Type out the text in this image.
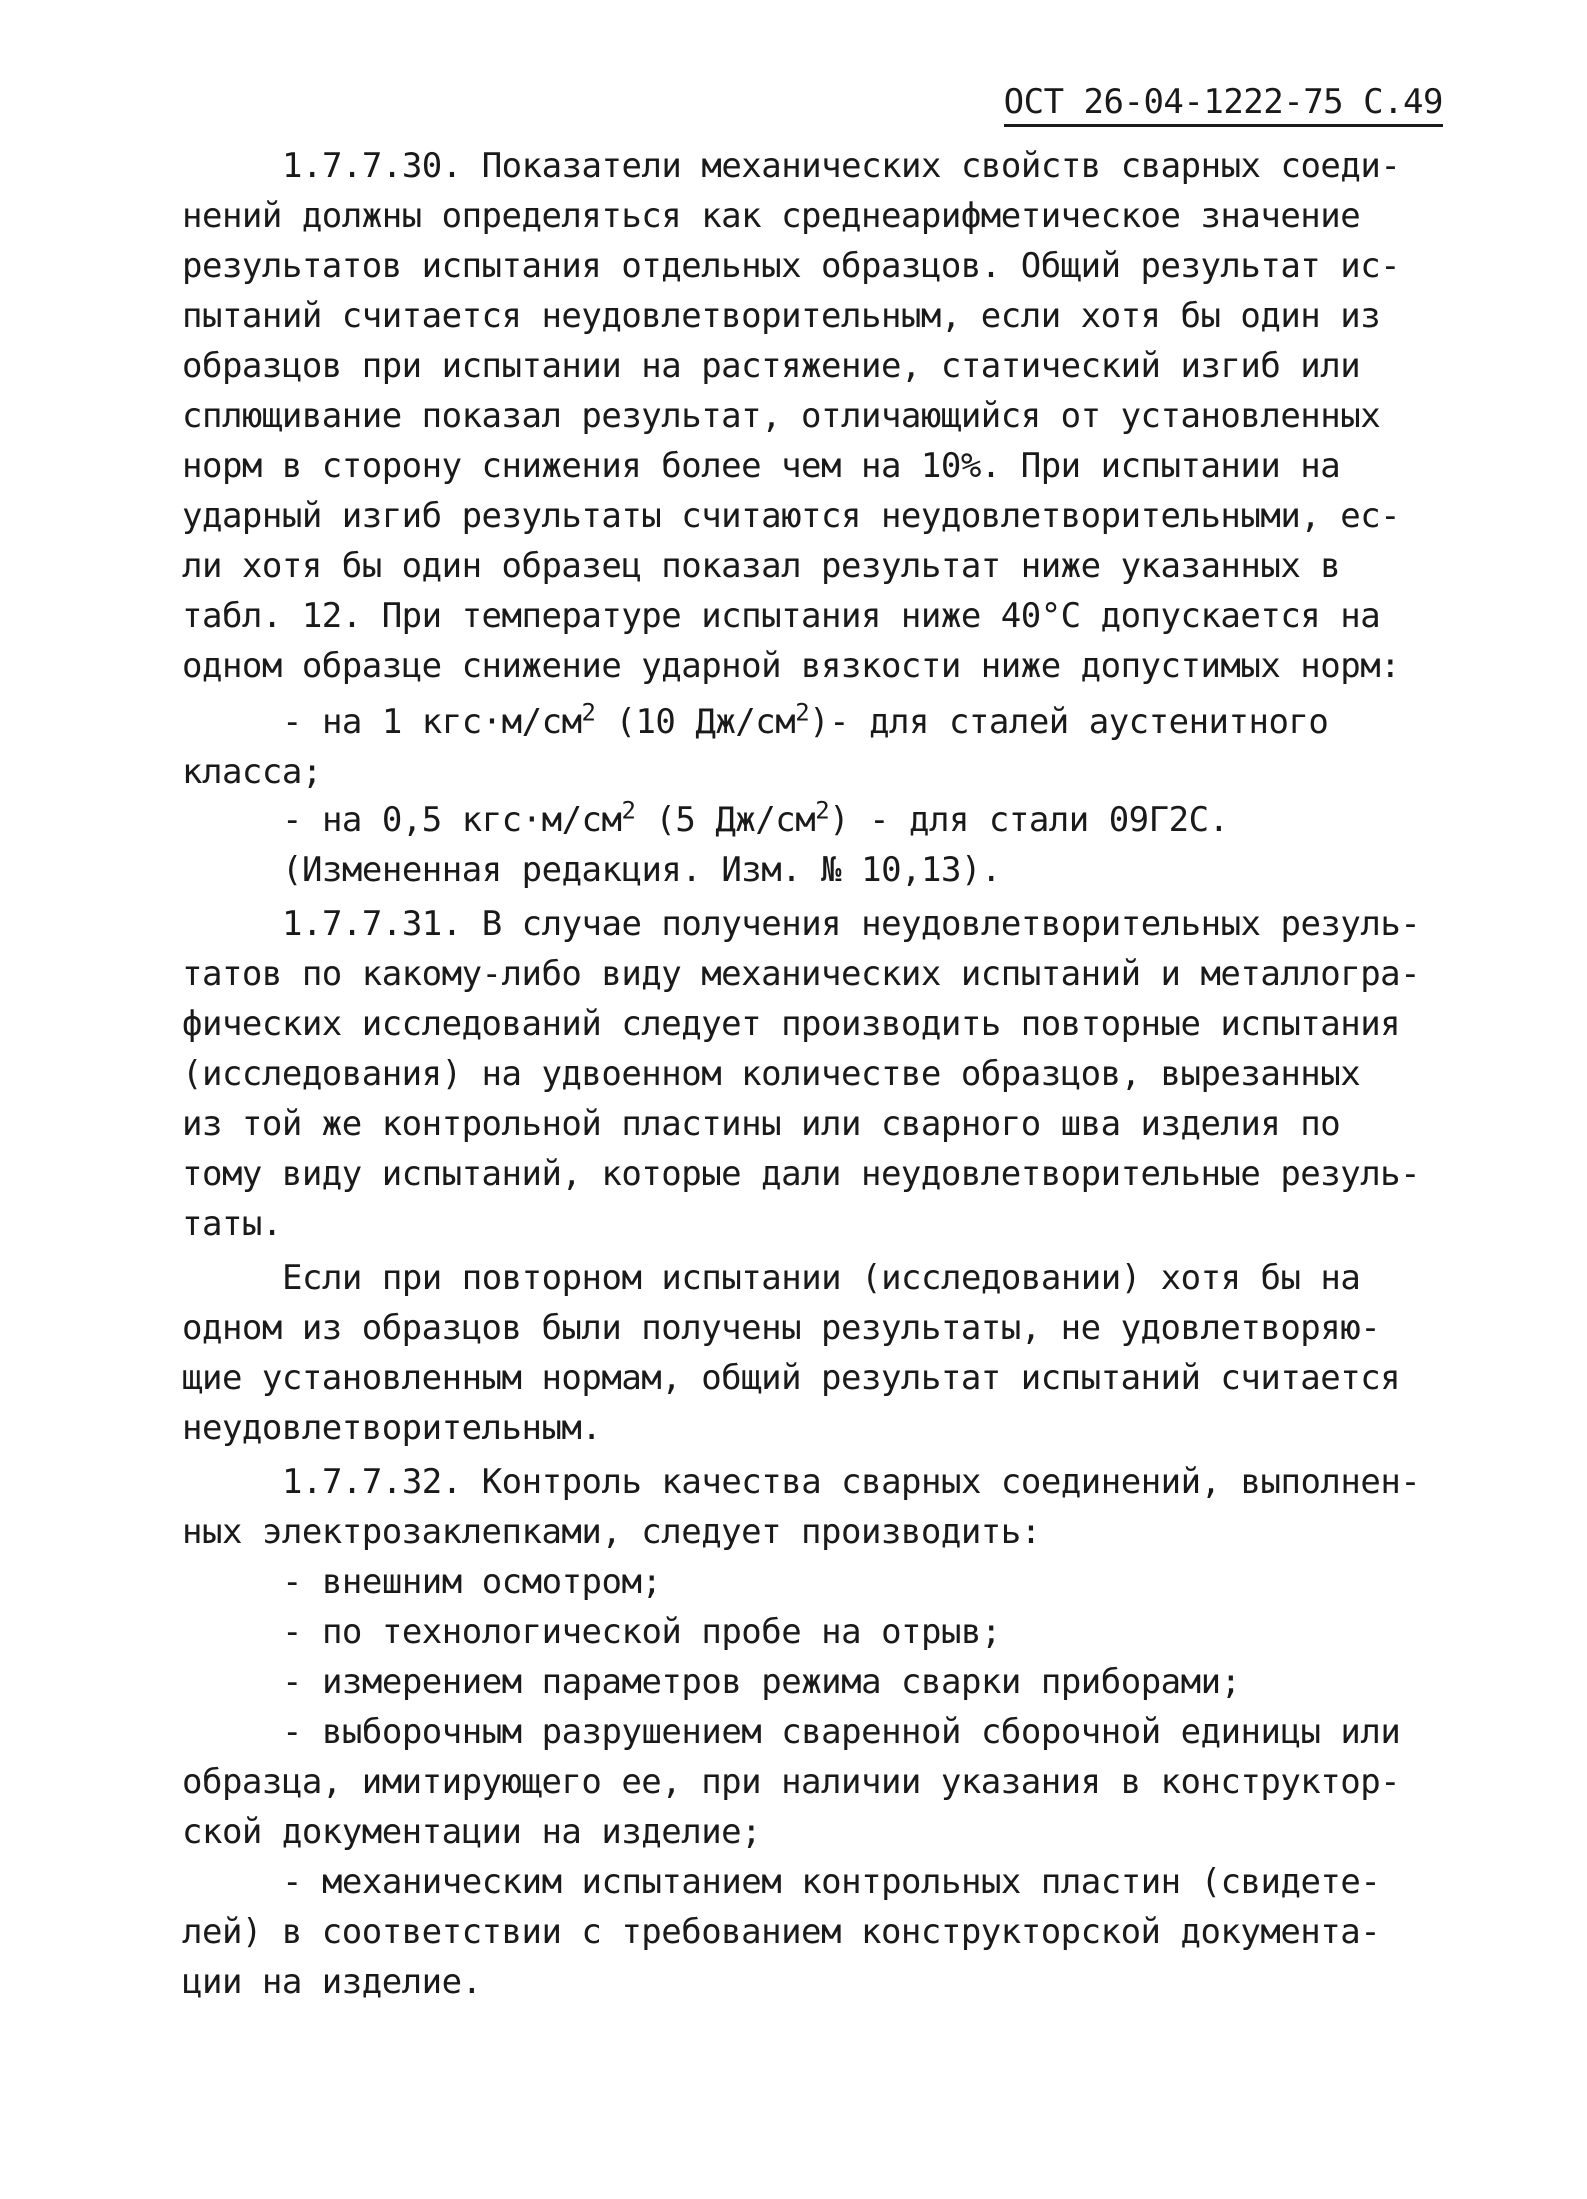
ОСТ 26-04-1222-75 С.49
1.7.7.30. Показатели механических свойств сварных соеди-
нений должны определяться как среднеарифметическое значение
результатов испытания отдельных образцов. Общий результат ис-
пытаний считается неудовлетворительным, если хотя бы один из
образцов при испытании на растяжение, статический изгиб или
сплющивание показал результат, отличающийся от установленных
норм в сторону снижения более чем на 10%. При испытании на
ударный изгиб результаты считаются неудовлетворительными, ес-
ли хотя бы один образец показал результат ниже указанных в
табл. 12. При температуре испытания ниже 40°С допускается на
одном образце снижение ударной вязкости ниже допустимых норм:
- на 1 $кгс\cdot м/см^2$ (10 $Дж/см^2)-$ для сталей аустенитного
класса;
- на 0,5 $кгс\cdot м/см^2$ (5 $Дж/см^2$) - для стали 09Г2С.
(Измененная редакция. Изм. № 10,13).
1.7.7.31. В случае получения неудовлетворительных резуль-
татов по какому-либо виду механических испытаний и металлогра-
фических исследований следует производить повторные испытания
(исследования) на удвоенном количестве образцов, вырезанных
из той же контрольной пластины или сварного шва изделия по
тому виду испытаний, которые дали неудовлетворительные резуль-
таты.
Если при повторном испытании (исследовании) хотя бы на
одном из образцов были получены результаты, не удовлетворяю-
щие установленным нормам, общий результат испытаний считается
неудовлетворительным.
1.7.7.32. Контроль качества сварных соединений, выполнен-
ных электрозаклепками, следует производить:
- внешним осмотром;
- по технологической пробе на отрыв;
- измерением параметров режима сварки приборами;
- выборочным разрушением сваренной сборочной единицы или
образца, имитирующего ее, при наличии указания в конструктор-
ской документации на изделие;
- механическим испытанием контрольных пластин (свидете-
лей) в соответствии с требованием конструкторской документа-
ции на изделие.
